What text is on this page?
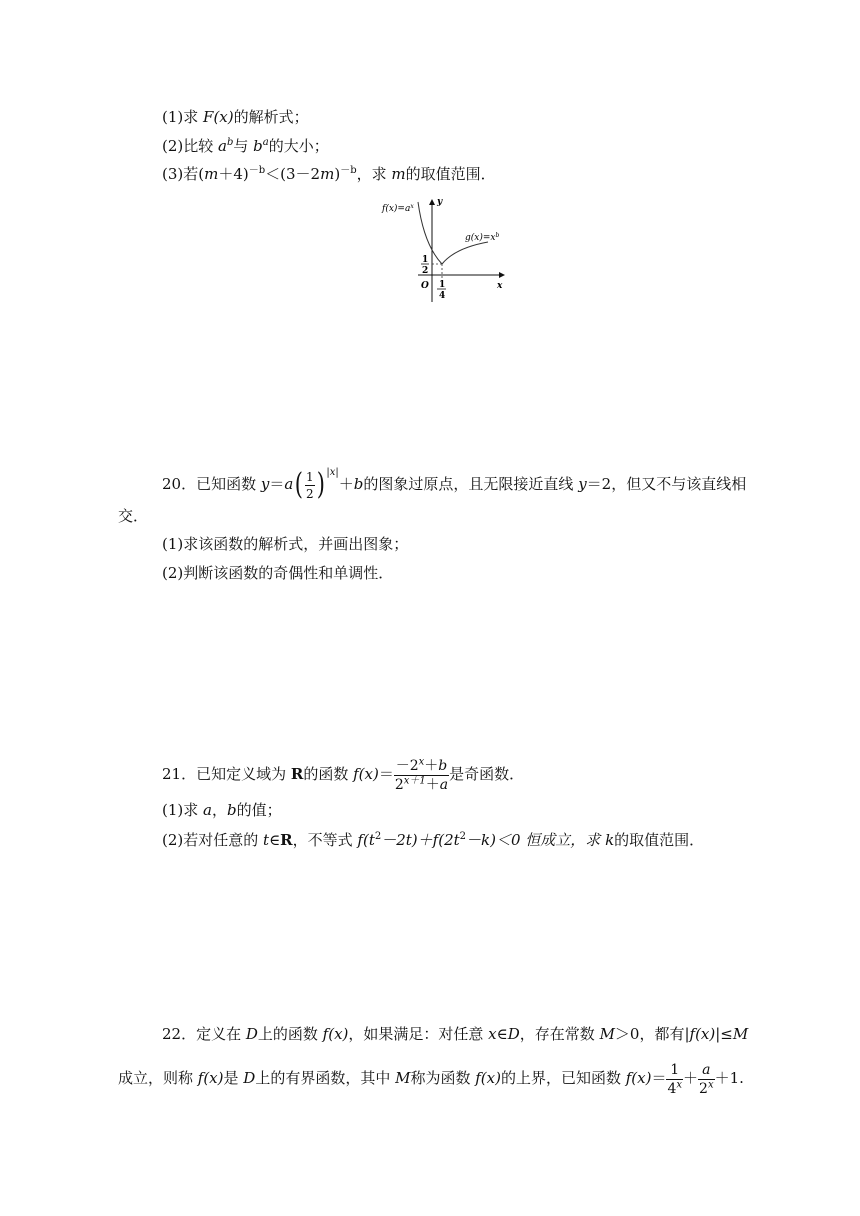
(1)求 F(x)的解析式；
(2)比较 $a^b$与 $b^a$的大小；
(3)若$(m+4)^{-b}<(3-2m)^{-b}$，求 m的取值范围．
$f(x)=a^x$
$g(x)=x^b$
y
x
O
1
2
1
4
20．已知函数 $y=a( \frac{1}{2}$ ) $^{|x|}$＋b的图象过原点，且无限接近直线 y＝2，但又不与该直线相
交．
(1)求该函数的解析式，并画出图象；
(2)判断该函数的奇偶性和单调性．
21．已知定义域为 R的函数 $f(x)= \frac{-2^x+b}{2^{x+1}+a}$ 是奇函数．
(1)求 a，b的值；
(2)若对任意的 t∈R，不等式 $f(t^2-2t)+f(2t^2-k)<0$ 恒成立，求 k的取值范围．
22．定义在 D上的函数 f(x)，如果满足：对任意 x∈D，存在常数 M＞0，都有|f(x)|≤M
成立，则称 f(x)是 D上的有界函数，其中 M称为函数 f(x)的上界，已知函数 $f(x)= \frac{1}{4^x} + \frac{a}{2^x} +1$.
